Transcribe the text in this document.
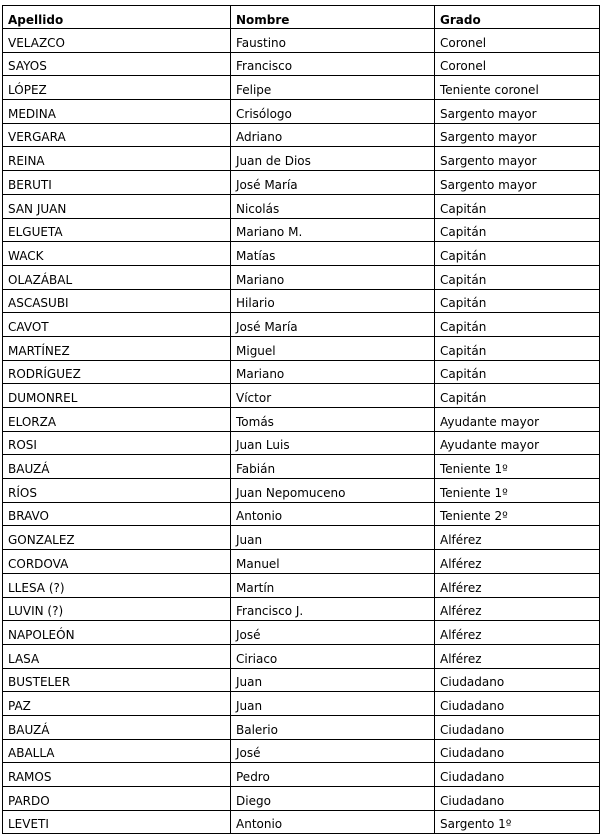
Apellido	Nombre	Grado
VELAZCO	Faustino	Coronel
SAYOS	Francisco	Coronel
LÓPEZ	Felipe	Teniente coronel
MEDINA	Crisólogo	Sargento mayor
VERGARA	Adriano	Sargento mayor
REINA	Juan de Dios	Sargento mayor
BERUTI	José María	Sargento mayor
SAN JUAN	Nicolás	Capitán
ELGUETA	Mariano M.	Capitán
WACK	Matías	Capitán
OLAZÁBAL	Mariano	Capitán
ASCASUBI	Hilario	Capitán
CAVOT	José María	Capitán
MARTÍNEZ	Miguel	Capitán
RODRÍGUEZ	Mariano	Capitán
DUMONREL	Víctor	Capitán
ELORZA	Tomás	Ayudante mayor
ROSI	Juan Luis	Ayudante mayor
BAUZÁ	Fabián	Teniente 1º
RÍOS	Juan Nepomuceno	Teniente 1º
BRAVO	Antonio	Teniente 2º
GONZALEZ	Juan	Alférez
CORDOVA	Manuel	Alférez
LLESA (?)	Martín	Alférez
LUVIN (?)	Francisco J.	Alférez
NAPOLEÓN	José	Alférez
LASA	Ciriaco	Alférez
BUSTELER	Juan	Ciudadano
PAZ	Juan	Ciudadano
BAUZÁ	Balerio	Ciudadano
ABALLA	José	Ciudadano
RAMOS	Pedro	Ciudadano
PARDO	Diego	Ciudadano
LEVETI	Antonio	Sargento 1º
